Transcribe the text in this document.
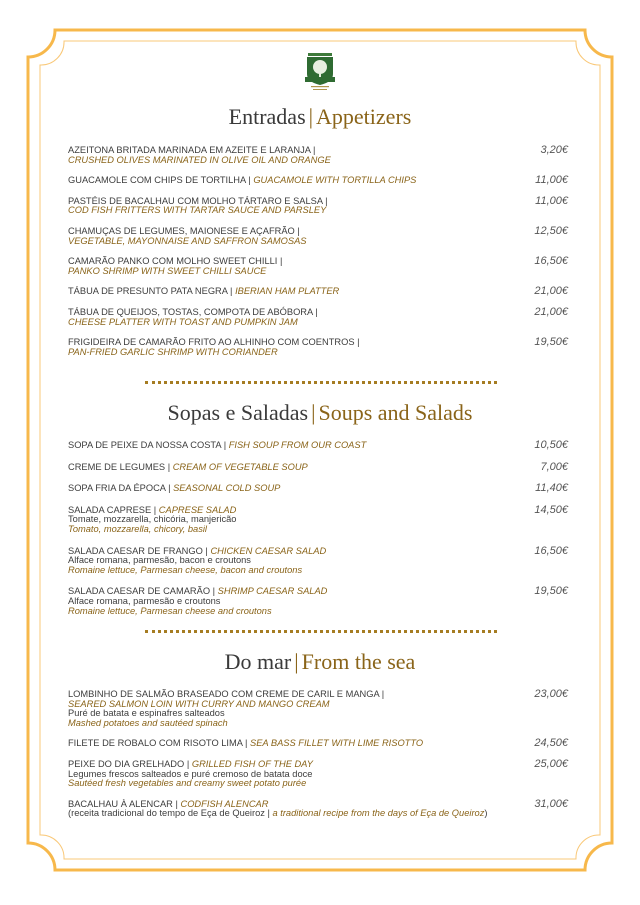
Entradas | Appetizers
AZEITONA BRITADA MARINADA EM AZEITE E LARANJA |
CRUSHED OLIVES MARINATED IN OLIVE OIL AND ORANGE
3,20€
GUACAMOLE COM CHIPS DE TORTILHA | GUACAMOLE WITH TORTILLA CHIPS	11,00€
PASTÉIS DE BACALHAU COM MOLHO TÁRTARO E SALSA |
COD FISH FRITTERS WITH TARTAR SAUCE AND PARSLEY
11,00€
CHAMUÇAS DE LEGUMES, MAIONESE E AÇAFRÃO |
VEGETABLE, MAYONNAISE AND SAFFRON SAMOSAS
12,50€
CAMARÃO PANKO COM MOLHO SWEET CHILLI |
PANKO SHRIMP WITH SWEET CHILLI SAUCE
16,50€
TÁBUA DE PRESUNTO PATA NEGRA | IBERIAN HAM PLATTER	21,00€
TÁBUA DE QUEIJOS, TOSTAS, COMPOTA DE ABÓBORA |
CHEESE PLATTER WITH TOAST AND PUMPKIN JAM
21,00€
FRIGIDEIRA DE CAMARÃO FRITO AO ALHINHO COM COENTROS |
PAN-FRIED GARLIC SHRIMP WITH CORIANDER
19,50€
Sopas e Saladas | Soups and Salads
SOPA DE PEIXE DA NOSSA COSTA | FISH SOUP FROM OUR COAST	10,50€
CREME DE LEGUMES | CREAM OF VEGETABLE SOUP	7,00€
SOPA FRIA DA ÉPOCA | SEASONAL COLD SOUP	11,40€
SALADA CAPRESE | CAPRESE SALAD
Tomate, mozzarella, chicória, manjericão
Tomato, mozzarella, chicory, basil
14,50€
SALADA CAESAR DE FRANGO | CHICKEN CAESAR SALAD
Alface romana, parmesão, bacon e croutons
Romaine lettuce, Parmesan cheese, bacon and croutons
16,50€
SALADA CAESAR DE CAMARÃO | SHRIMP CAESAR SALAD
Alface romana, parmesão e croutons
Romaine lettuce, Parmesan cheese and croutons
19,50€
Do mar | From the sea
LOMBINHO DE SALMÃO BRASEADO COM CREME DE CARIL E MANGA |
SEARED SALMON LOIN WITH CURRY AND MANGO CREAM
Puré de batata e espinafres salteados
Mashed potatoes and sautéed spinach
23,00€
FILETE DE ROBALO COM RISOTO LIMA | SEA BASS FILLET WITH LIME RISOTTO	24,50€
PEIXE DO DIA GRELHADO | GRILLED FISH OF THE DAY
Legumes frescos salteados e puré cremoso de batata doce
Sautéed fresh vegetables and creamy sweet potato purée
25,00€
BACALHAU À ALENCAR | CODFISH ALENCAR
(receita tradicional do tempo de Eça de Queiroz | a traditional recipe from the days of Eça de Queiroz)
31,00€
